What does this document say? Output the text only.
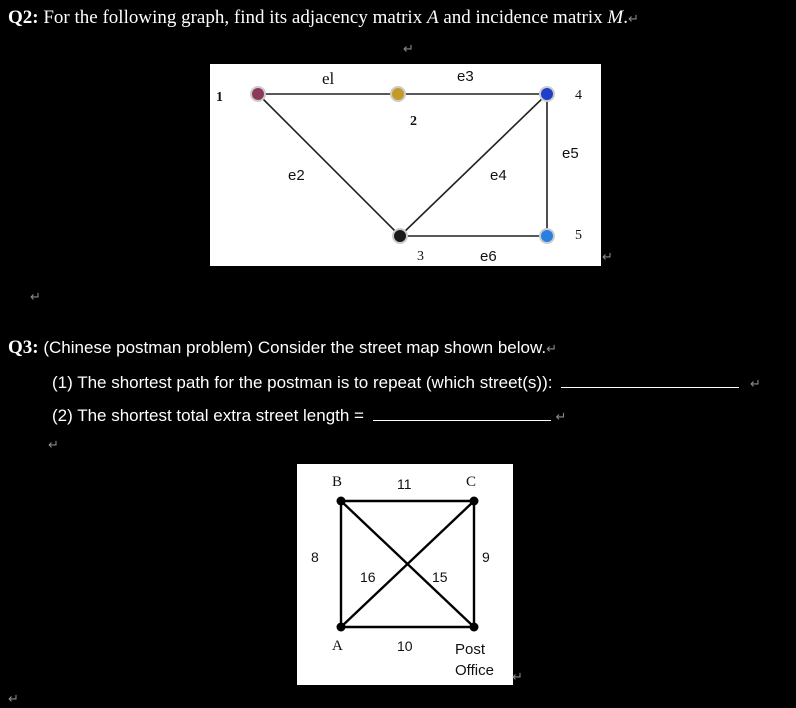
Q2: For the following graph, find its adjacency matrix A and incidence matrix M.↵
↵
1
2
3
4
5
el
e2
e3
e4
e5
e6	↵
↵
Q3: (Chinese postman problem) Consider the street map shown below.↵
(1) The shortest path for the postman is to repeat (which street(s)):	↵
(2) The shortest total extra street length =	↵
↵
B	C
A	Post
Office
11
8	9
10
16	15
↵
↵
